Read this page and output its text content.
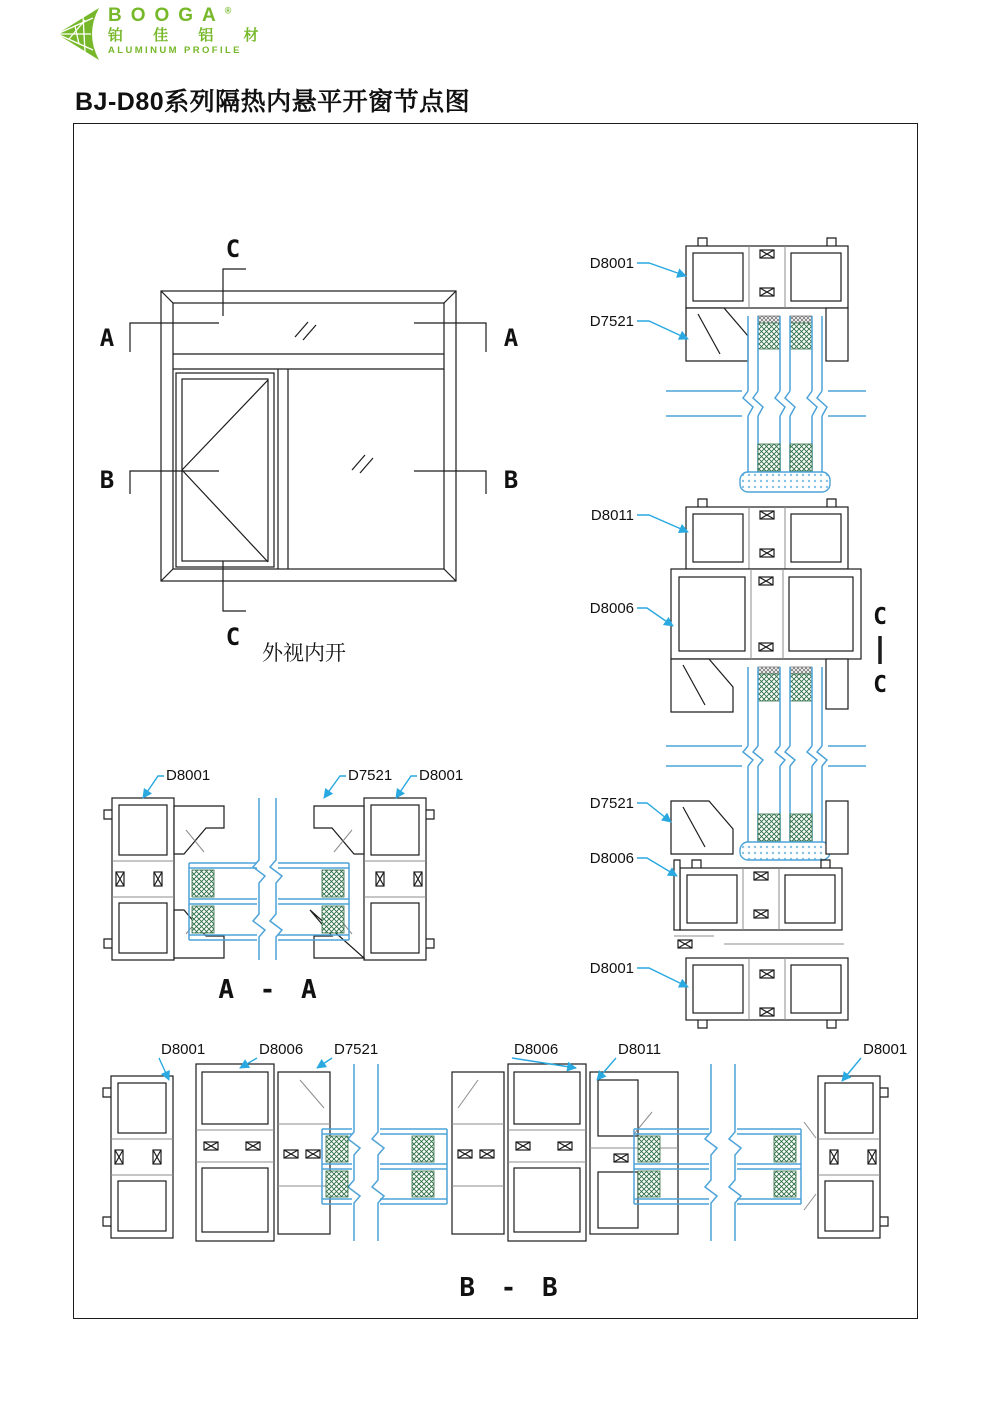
BOOGA®
铂 佳 铝 材
ALUMINUM PROFILE
BJ-D80系列隔热内悬平开窗节点图
C
C
A	A
B	B
外视内开
D8001
D7521
D8011
D8006
D7521
D8006
D8001
C
C
D8001	D7521 D8001
A - A
D8001	D8006 D7521	D8006	D8011	D8001
B - B
